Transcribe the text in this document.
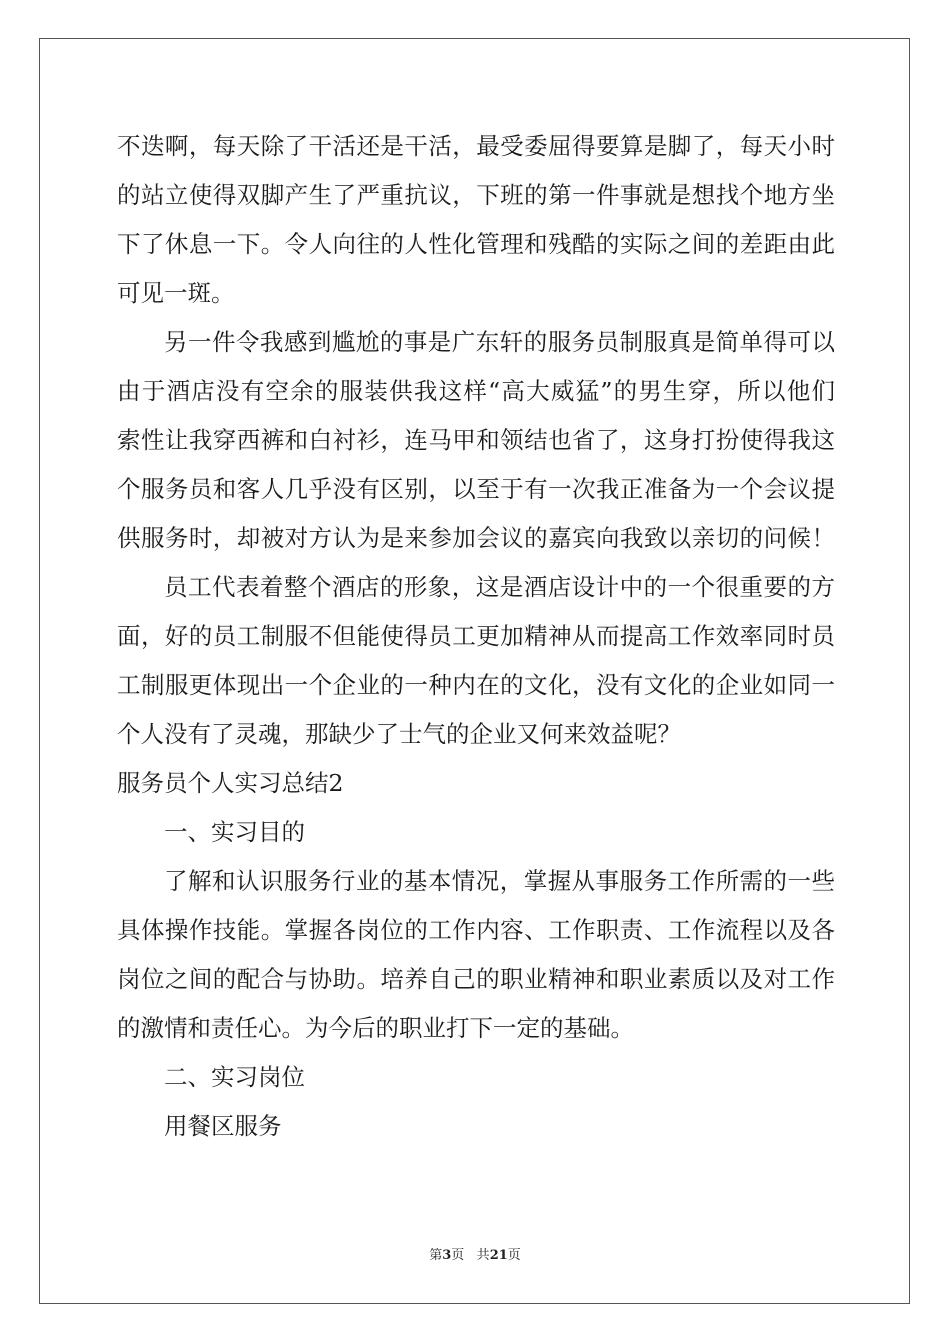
不迭啊，每天除了干活还是干活，最受委屈得要算是脚了，每天小时
的站立使得双脚产生了严重抗议，下班的第一件事就是想找个地方坐
下了休息一下。令人向往的人性化管理和残酷的实际之间的差距由此
可见一斑。
另一件令我感到尴尬的事是广东轩的服务员制服真是简单得可以
由于酒店没有空余的服装供我这样“高大威猛”的男生穿，所以他们
索性让我穿西裤和白衬衫，连马甲和领结也省了，这身打扮使得我这
个服务员和客人几乎没有区别，以至于有一次我正准备为一个会议提
供服务时，却被对方认为是来参加会议的嘉宾向我致以亲切的问候！
员工代表着整个酒店的形象，这是酒店设计中的一个很重要的方
面，好的员工制服不但能使得员工更加精神从而提高工作效率同时员
工制服更体现出一个企业的一种内在的文化，没有文化的企业如同一
个人没有了灵魂，那缺少了士气的企业又何来效益呢？
服务员个人实习总结2
一、实习目的
了解和认识服务行业的基本情况，掌握从事服务工作所需的一些
具体操作技能。掌握各岗位的工作内容、工作职责、工作流程以及各
岗位之间的配合与协助。培养自己的职业精神和职业素质以及对工作
的激情和责任心。为今后的职业打下一定的基础。
二、实习岗位
用餐区服务
第3页 共21页
